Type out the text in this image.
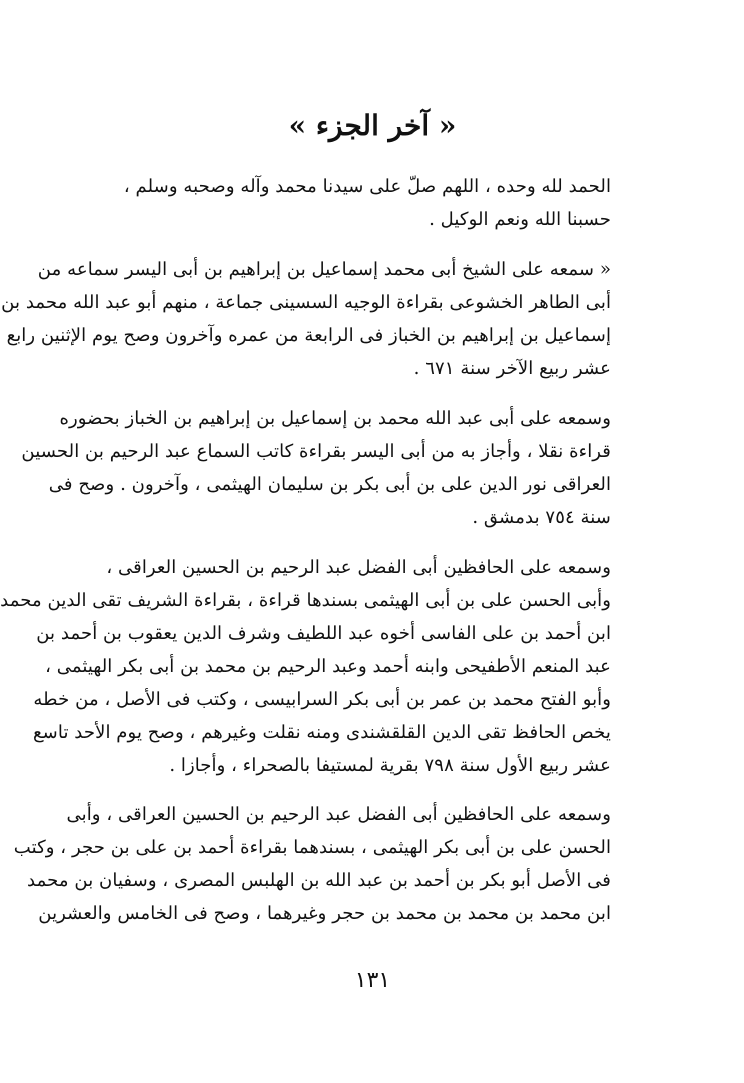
« آخر الجزء »
الحمد لله وحده ، اللهم صلّ على سيدنا محمد وآله وصحبه وسلم ،
حسبنا الله ونعم الوكيل .
« سمعه على الشيخ أبى محمد إسماعيل بن إبراهيم بن أبى اليسر سماعه من
أبى الطاهر الخشوعى بقراءة الوجيه السسينى جماعة ، منهم أبو عبد الله محمد بن
إسماعيل بن إبراهيم بن الخباز فى الرابعة من عمره وآخرون وصح يوم الإثنين رابع
عشر ربيع الآخر سنة ٦٧١ .
وسمعه على أبى عبد الله محمد بن إسماعيل بن إبراهيم بن الخباز بحضوره
قراءة نقلا ، وأجاز به من أبى اليسر بقراءة كاتب السماع عبد الرحيم بن الحسين
العراقى نور الدين على بن أبى بكر بن سليمان الهيثمى ، وآخرون . وصح فى
سنة ٧٥٤ بدمشق .
وسمعه على الحافظين أبى الفضل عبد الرحيم بن الحسين العراقى ،
وأبى الحسن على بن أبى الهيثمى بسندها قراءة ، بقراءة الشريف تقى الدين محمد
ابن أحمد بن على الفاسى أخوه عبد اللطيف وشرف الدين يعقوب بن أحمد بن
عبد المنعم الأطفيحى وابنه أحمد وعبد الرحيم بن محمد بن أبى بكر الهيثمى ،
وأبو الفتح محمد بن عمر بن أبى بكر السرابيسى ، وكتب فى الأصل ، من خطه
يخص الحافظ تقى الدين القلقشندى ومنه نقلت وغيرهم ، وصح يوم الأحد تاسع
عشر ربيع الأول سنة ٧٩٨ بقرية لمستيفا بالصحراء ، وأجازا .
وسمعه على الحافظين أبى الفضل عبد الرحيم بن الحسين العراقى ، وأبى
الحسن على بن أبى بكر الهيثمى ، بسندهما بقراءة أحمد بن على بن حجر ، وكتب
فى الأصل أبو بكر بن أحمد بن عبد الله بن الهلبس المصرى ، وسفيان بن محمد
ابن محمد بن محمد بن محمد بن حجر وغيرهما ، وصح فى الخامس والعشرين
١٣١
